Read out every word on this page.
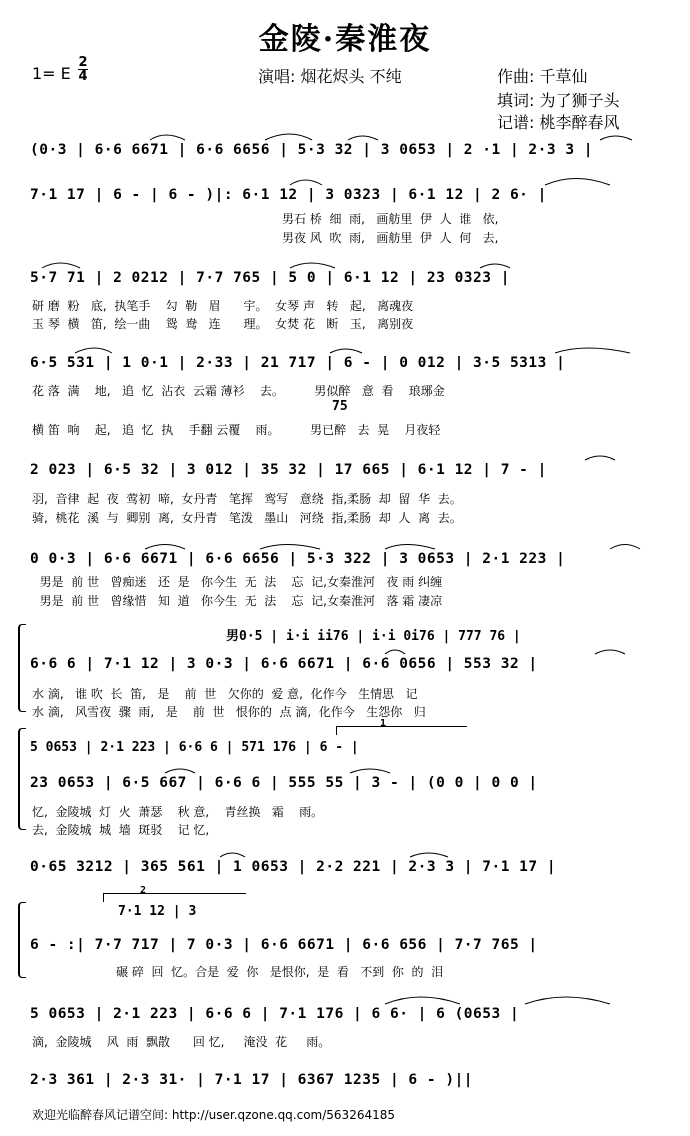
金陵·秦淮夜
1= E
2
4	演唱: 烟花烬头 不纯	作曲: 千草仙
填词: 为了狮子头
记谱: 桃李醉春风
(0·3 | 6·6 6671 | 6·6 6656 | 5·3 32 | 3 0653 | 2 ·1 | 2·3 3 |
7·1 17 | 6 - | 6 - )|: 6·1 12 | 3 0323 | 6·1 12 | 2 6· |
男石 桥  细  雨,   画舫里  伊  人  谁   依,
男夜 风  吹  雨,   画舫里  伊  人  何   去,
5·7 71 | 2 0212 | 7·7 765 | 5 0 | 6·1 12 | 23 0323 |
研 磨  粉   底,  执笔手    勾  勒   眉      宇。  女琴 声   转   起,   离魂夜
玉 琴  横   笛,  绘一曲    鸳  鸯   连      理。  女焚 花   断   玉,   离别夜
6·5 531 | 1 0·1 | 2·33 | 21 717 | 6 - | 0 012 | 3·5 5313 |
花 落  满    地,   追  忆  沾衣  云霜 薄衫    去。        男似醉   意  看    琅琊金
75
横 笛  响    起,   追  忆  执    手翻 云覆    雨。        男已醉   去  晃    月夜轻
2 023 | 6·5 32 | 3 012 | 35 32 | 17 665 | 6·1 12 | 7 - |
羽,  音律  起  夜  莺初  啼,  女丹青   笔挥   鸾写   意绕  指,柔肠  却  留  华  去。
骑,  桃花  溪  与  卿别  离,  女丹青   笔泼   墨山   河绕  指,柔肠  却  人  离  去。
0 0·3 | 6·6 6671 | 6·6 6656 | 5·3 322 | 3 0653 | 2·1 223 |
男是  前 世   曾痴迷   还  是   你今生  无  法    忘  记,女秦淮河   夜 雨 纠缠
男是  前 世   曾缘惜   知  道   你今生  无  法    忘  记,女秦淮河   落 霜 凄凉
男0·5 | i·i ii76 | i·i 0i76 | 777 76 |
6·6 6 | 7·1 12 | 3 0·3 | 6·6 6671 | 6·6 0656 | 553 32 |
水 滴,   谁 吹  长  笛,   是    前  世   欠你的  爱 意,  化作今   生情思   记
水 滴,   风雪夜  骤  雨,   是    前  世   恨你的  点 滴,  化作今   生怨你   归
1
5 0653 | 2·1 223 | 6·6 6 | 571 176 | 6 - |
23 0653 | 6·5 667 | 6·6 6 | 555 55 | 3 - | (0 0 | 0 0 |
忆,  金陵城  灯  火  萧瑟    秋 意,    青丝换   霜    雨。
去,  金陵城  城  墙  斑驳    记 忆,
0·65 3212 | 365 561 | 1 0653 | 2·2 221 | 2·3 3 | 7·1 17 |
2
7·1 12 | 3
6 - :| 7·7 717 | 7 0·3 | 6·6 6671 | 6·6 656 | 7·7 765 |
碾 碎  回  忆。合是  爱  你   是恨你,  是  看   不到  你  的  泪
5 0653 | 2·1 223 | 6·6 6 | 7·1 176 | 6 6· | 6 (0653 |
滴,  金陵城    风  雨  飘散      回 忆,     淹没  花     雨。
2·3 361 | 2·3 31· | 7·1 17 | 6367 1235 | 6 - )||
欢迎光临醉春风记谱空间: http://user.qzone.qq.com/563264185
